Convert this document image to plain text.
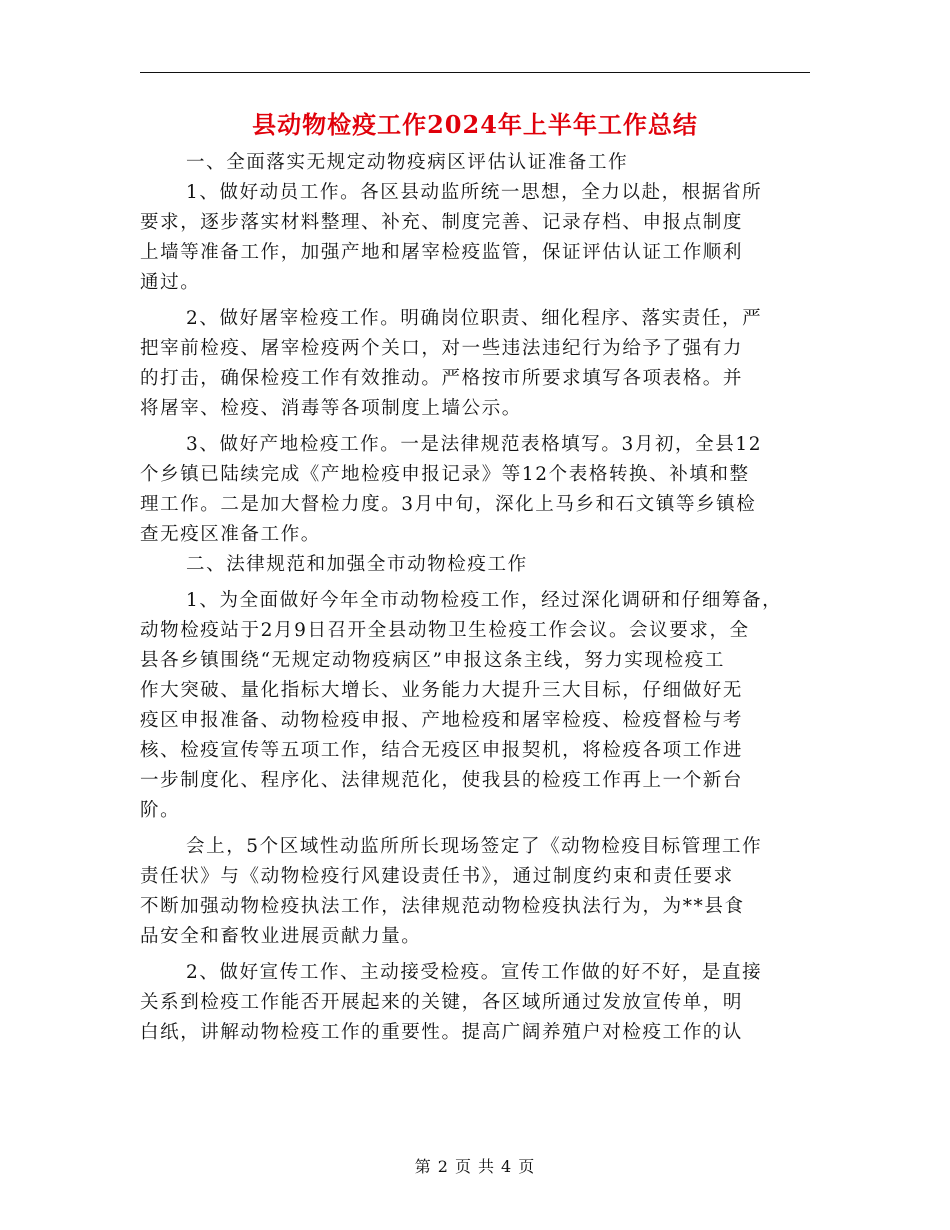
县动物检疫工作2024年上半年工作总结
一、全面落实无规定动物疫病区评估认证准备工作
1、做好动员工作。各区县动监所统一思想，全力以赴，根据省所
要求，逐步落实材料整理、补充、制度完善、记录存档、申报点制度
上墙等准备工作，加强产地和屠宰检疫监管，保证评估认证工作顺利
通过。
2、做好屠宰检疫工作。明确岗位职责、细化程序、落实责任，严
把宰前检疫、屠宰检疫两个关口，对一些违法违纪行为给予了强有力
的打击，确保检疫工作有效推动。严格按市所要求填写各项表格。并
将屠宰、检疫、消毒等各项制度上墙公示。
3、做好产地检疫工作。一是法律规范表格填写。3月初，全县12
个乡镇已陆续完成《产地检疫申报记录》等12个表格转换、补填和整
理工作。二是加大督检力度。3月中旬，深化上马乡和石文镇等乡镇检
查无疫区准备工作。
二、法律规范和加强全市动物检疫工作
1、为全面做好今年全市动物检疫工作，经过深化调研和仔细筹备，
动物检疫站于2月9日召开全县动物卫生检疫工作会议。会议要求，全
县各乡镇围绕“无规定动物疫病区”申报这条主线，努力实现检疫工
作大突破、量化指标大增长、业务能力大提升三大目标，仔细做好无
疫区申报准备、动物检疫申报、产地检疫和屠宰检疫、检疫督检与考
核、检疫宣传等五项工作，结合无疫区申报契机，将检疫各项工作进
一步制度化、程序化、法律规范化，使我县的检疫工作再上一个新台
阶。
会上，5个区域性动监所所长现场签定了《动物检疫目标管理工作
责任状》与《动物检疫行风建设责任书》，通过制度约束和责任要求
不断加强动物检疫执法工作，法律规范动物检疫执法行为，为**县食
品安全和畜牧业进展贡献力量。
2、做好宣传工作、主动接受检疫。宣传工作做的好不好，是直接
关系到检疫工作能否开展起来的关键，各区域所通过发放宣传单，明
白纸，讲解动物检疫工作的重要性。提高广阔养殖户对检疫工作的认
第 2 页 共 4 页
